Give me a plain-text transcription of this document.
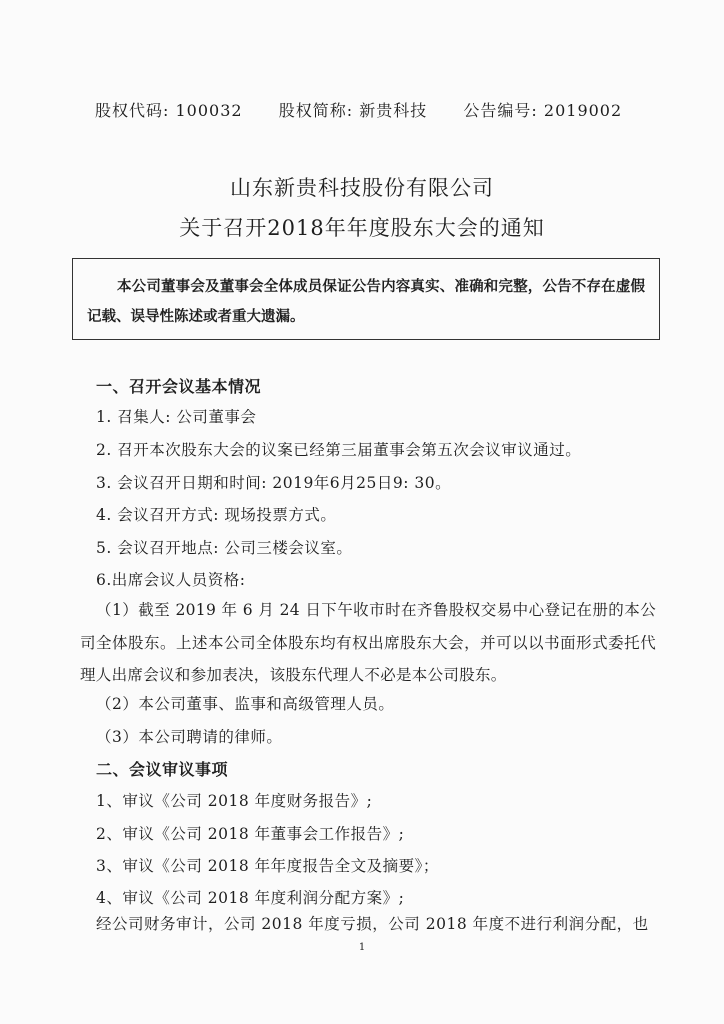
股权代码: 100032 股权简称: 新贵科技 公告编号: 2019002
山东新贵科技股份有限公司
关于召开2018年年度股东大会的通知
本公司董事会及董事会全体成员保证公告内容真实、准确和完整，公告不存在虚假记载、误导性陈述或者重大遗漏。
一、召开会议基本情况
1. 召集人: 公司董事会
2. 召开本次股东大会的议案已经第三届董事会第五次会议审议通过。
3. 会议召开日期和时间: 2019年6月25日9: 30。
4. 会议召开方式: 现场投票方式。
5. 会议召开地点: 公司三楼会议室。
6.出席会议人员资格:
（1）截至 2019 年 6 月 24 日下午收市时在齐鲁股权交易中心登记在册的本公司全体股东。上述本公司全体股东均有权出席股东大会，并可以以书面形式委托代理人出席会议和参加表决，该股东代理人不必是本公司股东。
（2）本公司董事、监事和高级管理人员。
（3）本公司聘请的律师。
二、会议审议事项
1、审议《公司 2018 年度财务报告》;
2、审议《公司 2018 年董事会工作报告》;
3、审议《公司 2018 年年度报告全文及摘要》；
4、审议《公司 2018 年度利润分配方案》;
经公司财务审计，公司 2018 年度亏损，公司 2018 年度不进行利润分配，也
1
